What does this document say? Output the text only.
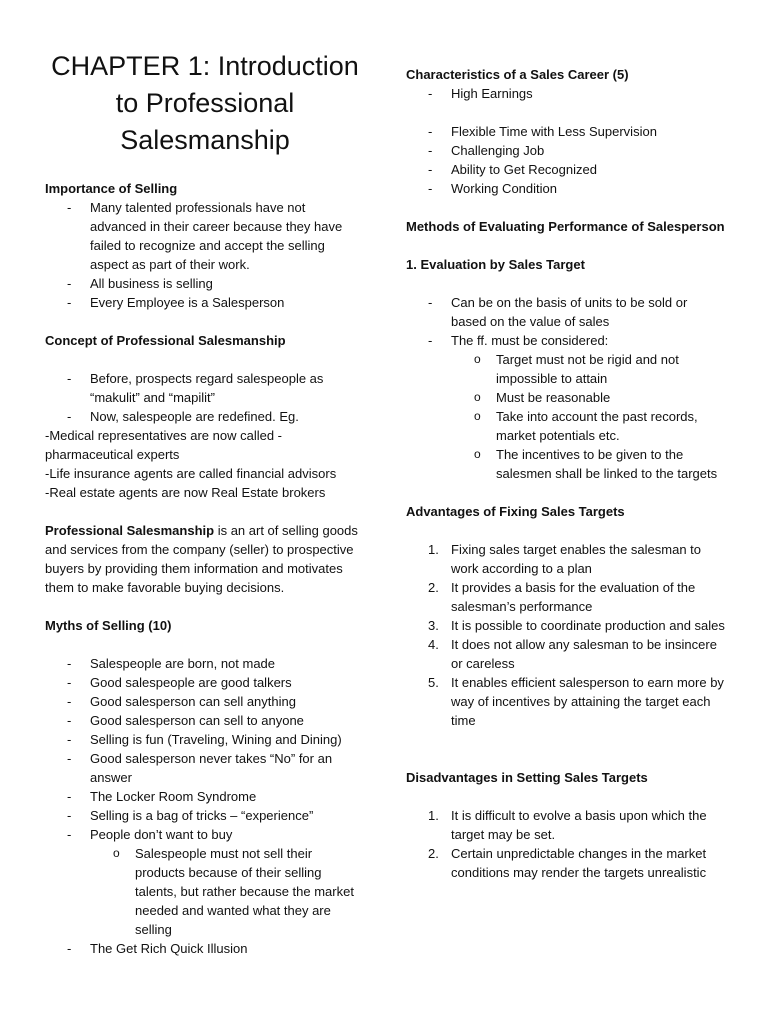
CHAPTER 1: Introduction to Professional Salesmanship

Importance of Selling

- Many talented professionals have not advanced in their career because they have failed to recognize and accept the selling aspect as part of their work.
- All business is selling
- Every Employee is a Salesperson

Concept of Professional Salesmanship

- Before, prospects regard salespeople as “makulit” and “mapilit”
- Now, salespeople are redefined. Eg.

-Medical representatives are now called - pharmaceutical experts

-Life insurance agents are called financial advisors

-Real estate agents are now Real Estate brokers

Professional Salesmanship is an art of selling goods and services from the company (seller) to prospective buyers by providing them information and motivates them to make favorable buying decisions.

Myths of Selling (10)

- Salespeople are born, not made
- Good salespeople are good talkers
- Good salesperson can sell anything
- Good salesperson can sell to anyone
- Selling is fun (Traveling, Wining and Dining)
- Good salesperson never takes “No” for an answer
- The Locker Room Syndrome
- Selling is a bag of tricks – “experience”
- People don’t want to buy
o Salespeople must not sell their products because of their selling talents, but rather because the market needed and wanted what they are selling
- The Get Rich Quick Illusion

Characteristics of a Sales Career (5)

- High Earnings
- Flexible Time with Less Supervision
- Challenging Job
- Ability to Get Recognized
- Working Condition

Methods of Evaluating Performance of Salesperson

1. Evaluation by Sales Target

- Can be on the basis of units to be sold or based on the value of sales
- The ff. must be considered:
o Target must not be rigid and not impossible to attain
o Must be reasonable
o Take into account the past records, market potentials etc.
o The incentives to be given to the salesmen shall be linked to the targets

Advantages of Fixing Sales Targets

1. Fixing sales target enables the salesman to work according to a plan
2. It provides a basis for the evaluation of the salesman’s performance
3. It is possible to coordinate production and sales
4. It does not allow any salesman to be insincere or careless
5. It enables efficient salesperson to earn more by way of incentives by attaining the target each time

Disadvantages in Setting Sales Targets

1. It is difficult to evolve a basis upon which the target may be set.
2. Certain unpredictable changes in the market conditions may render the targets unrealistic
